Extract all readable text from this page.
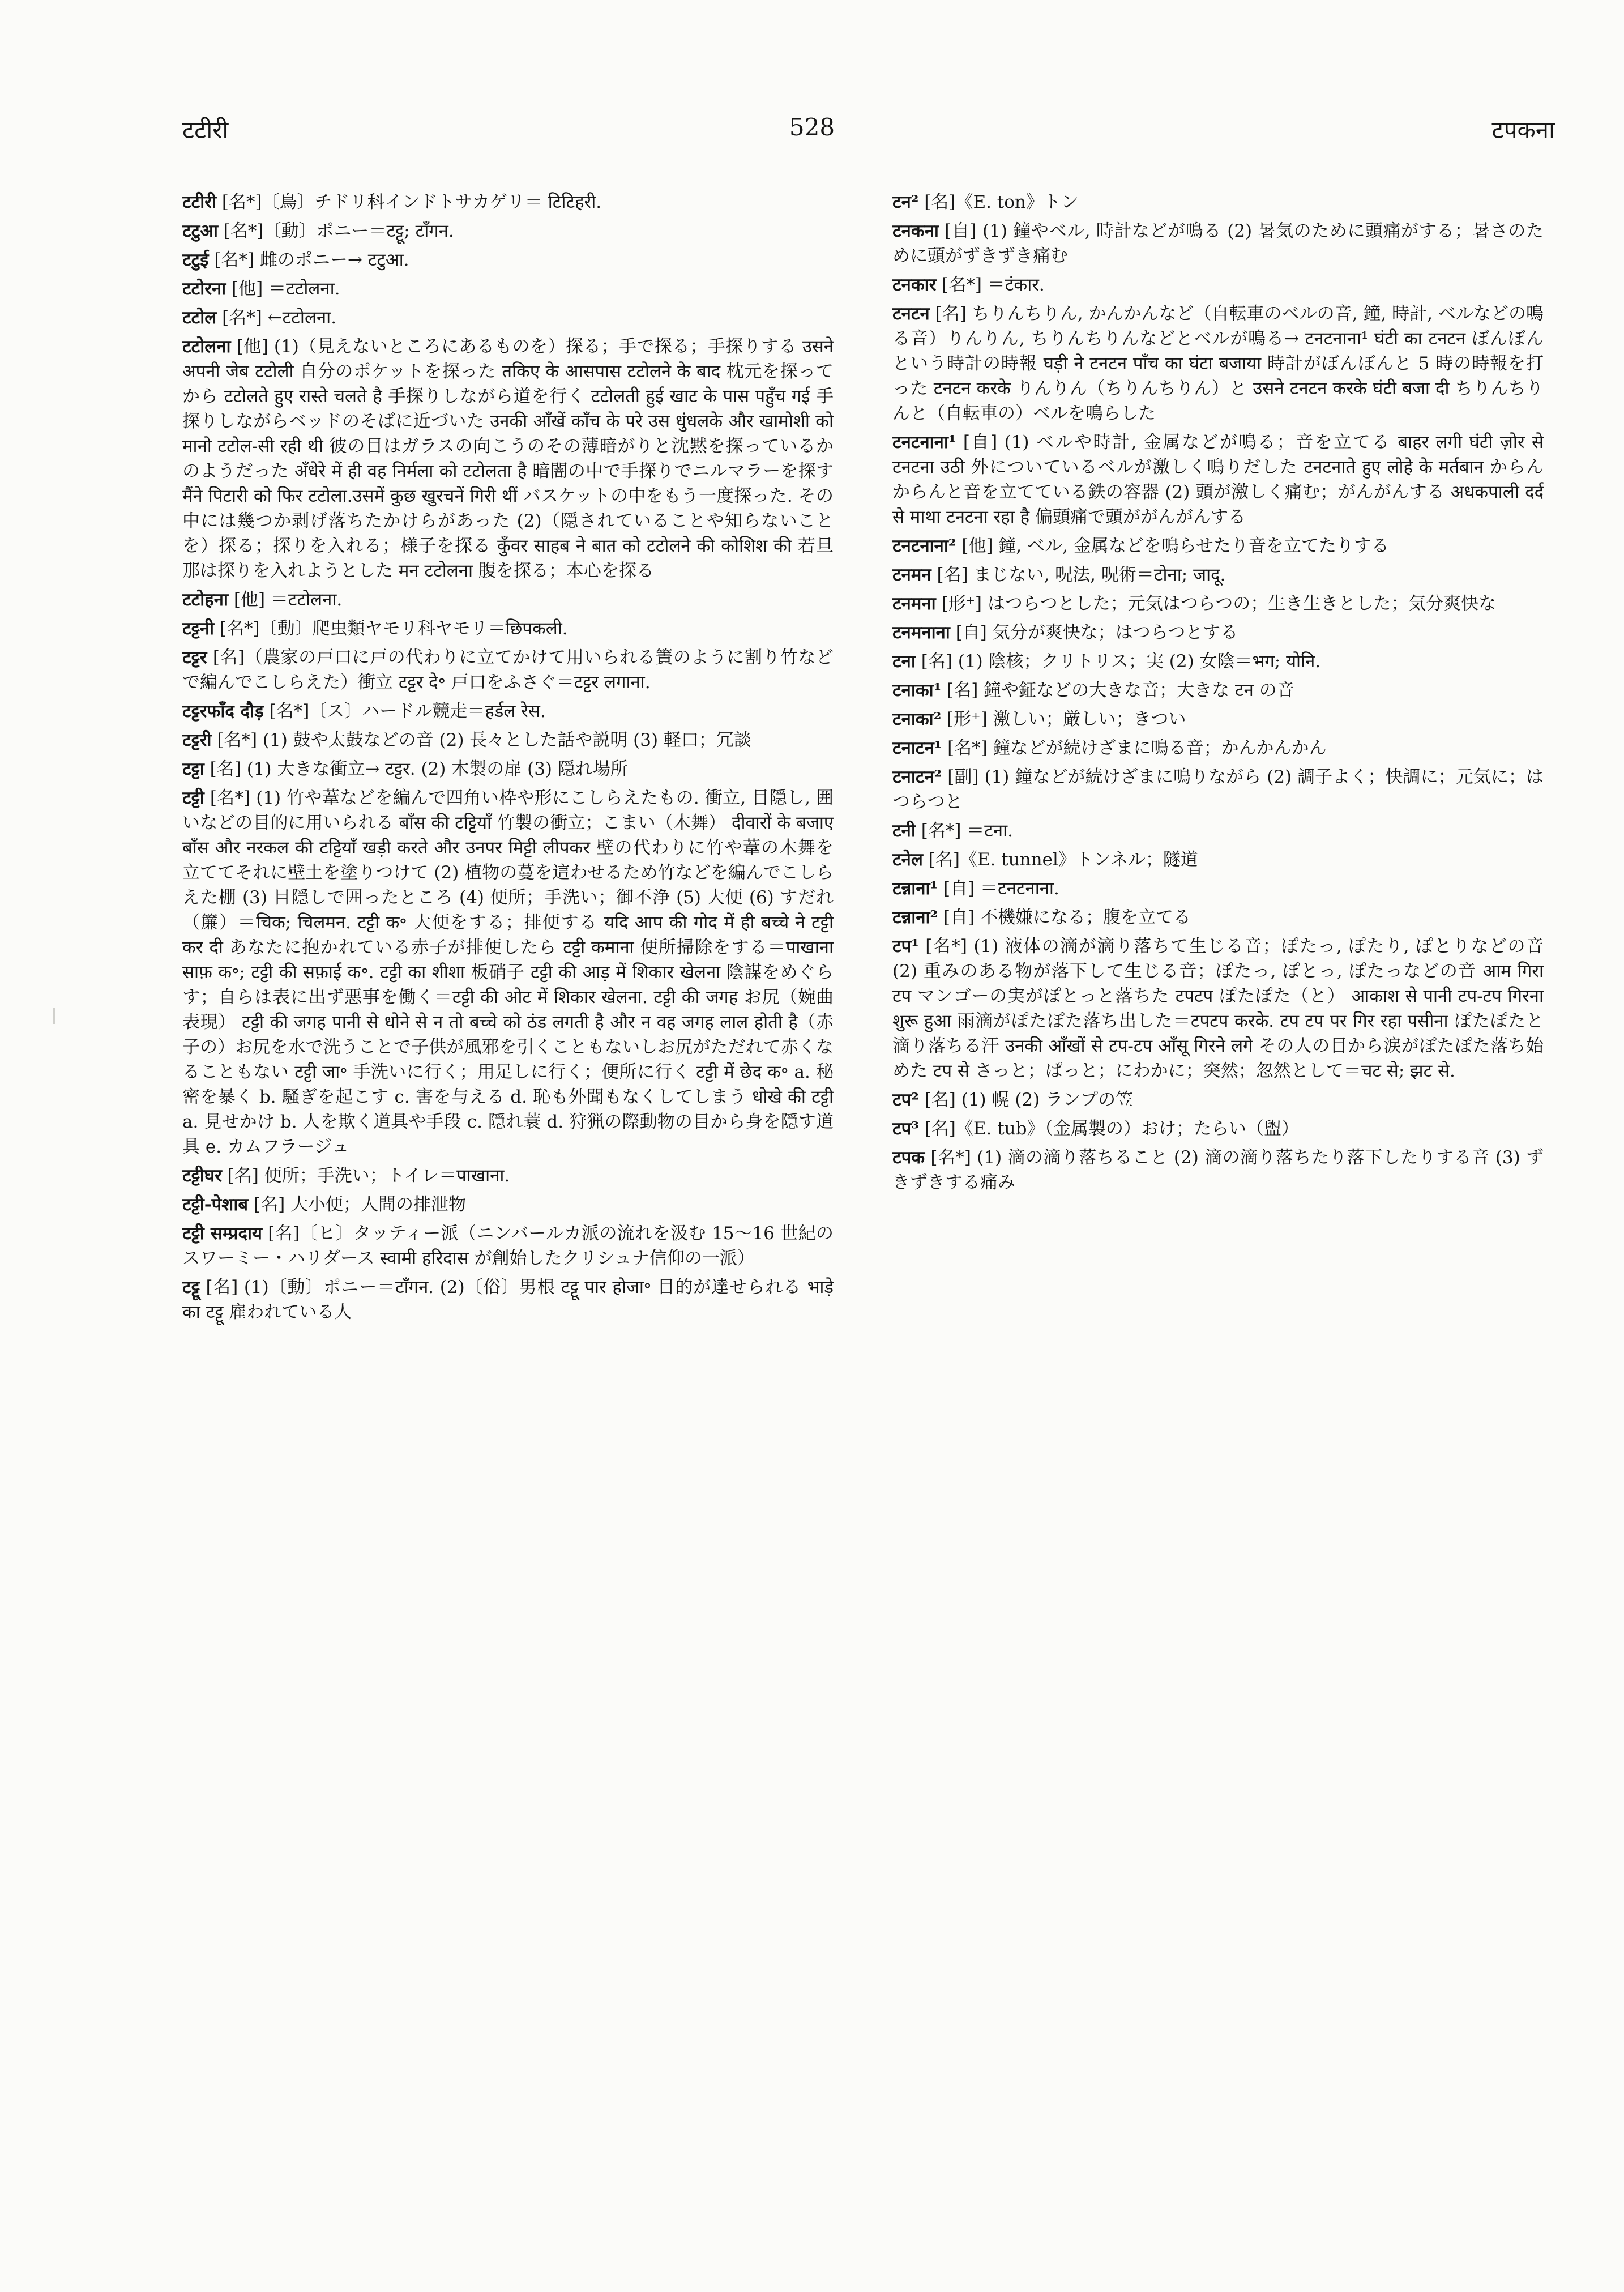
टटीरी	528	टपकना

टटीरी [名*]〔鳥〕チドリ科インドトサカゲリ＝ टिटिहरी.

टटुआ [名*]〔動〕ポニー＝टट्टू; टाँगन.

टटुई [名*] 雌のポニー→ टटुआ.

टटोरना [他] ＝टटोलना.

टटोल [名*] ←टटोलना.

टटोलना [他] (1)（見えないところにあるものを）探る；手で探る；手探りする उसने अपनी जेब टटोली 自分のポケットを探った तकिए के आसपास टटोलने के बाद 枕元を探ってから टटोलते हुए रास्ते चलते है 手探りしながら道を行く टटोलती हुई खाट के पास पहुँच गई 手探りしながらベッドのそばに近づいた उनकी आँखें काँच के परे उस धुंधलके और खामोशी को मानो टटोल-सी रही थी 彼の目はガラスの向こうのその薄暗がりと沈黙を探っているかのようだった अँधेरे में ही वह निर्मला को टटोलता है 暗闇の中で手探りでニルマラーを探す मैंने पिटारी को फिर टटोला.उसमें कुछ खुरचनें गिरी थीं バスケットの中をもう一度探った. その中には幾つか剥げ落ちたかけらがあった (2)（隠されていることや知らないことを）探る；探りを入れる；様子を探る कुँवर साहब ने बात को टटोलने की कोशिश की 若旦那は探りを入れようとした मन टटोलना 腹を探る；本心を探る

टटोहना [他] ＝टटोलना.

टट्टनी [名*]〔動〕爬虫類ヤモリ科ヤモリ＝छिपकली.

टट्टर [名]（農家の戸口に戸の代わりに立てかけて用いられる簀のように割り竹などで編んでこしらえた）衝立 टट्टर दे॰ 戸口をふさぐ＝टट्टर लगाना.

टट्टरफाँद दौड़ [名*]〔ス〕ハードル競走＝हर्डल रेस.

टट्टरी [名*] (1) 鼓や太鼓などの音 (2) 長々とした話や説明 (3) 軽口；冗談

टट्टा [名] (1) 大きな衝立→ टट्टर. (2) 木製の扉 (3) 隠れ場所

टट्टी [名*] (1) 竹や葦などを編んで四角い枠や形にこしらえたもの. 衝立, 目隠し, 囲いなどの目的に用いられる बाँस की टट्टियाँ 竹製の衝立；こまい（木舞） दीवारों के बजाए बाँस और नरकल की टट्टियाँ खड़ी करते और उनपर मिट्टी लीपकर 壁の代わりに竹や葦の木舞を立ててそれに壁土を塗りつけて (2) 植物の蔓を這わせるため竹などを編んでこしらえた棚 (3) 目隠しで囲ったところ (4) 便所；手洗い；御不浄 (5) 大便 (6) すだれ（簾）＝चिक; चिलमन. टट्टी क॰ 大便をする；排便する यदि आप की गोद में ही बच्चे ने टट्टी कर दी あなたに抱かれている赤子が排便したら टट्टी कमाना 便所掃除をする＝पाखाना साफ़ क॰; टट्टी की सफ़ाई क॰. टट्टी का शीशा 板硝子 टट्टी की आड़ में शिकार खेलना 陰謀をめぐらす；自らは表に出ず悪事を働く＝टट्टी की ओट में शिकार खेलना. टट्टी की जगह お尻（婉曲表現） टट्टी की जगह पानी से धोने से न तो बच्चे को ठंड लगती है और न वह जगह लाल होती है（赤子の）お尻を水で洗うことで子供が風邪を引くこともないしお尻がただれて赤くなることもない टट्टी जा॰ 手洗いに行く；用足しに行く；便所に行く टट्टी में छेद क॰ a. 秘密を暴く b. 騒ぎを起こす c. 害を与える d. 恥も外聞もなくしてしまう धोखे की टट्टी a. 見せかけ b. 人を欺く道具や手段 c. 隠れ蓑 d. 狩猟の際動物の目から身を隠す道具 e. カムフラージュ

टट्टीघर [名] 便所；手洗い；トイレ＝पाखाना.

टट्टी-पेशाब [名] 大小便；人間の排泄物

टट्टी सम्प्रदाय [名]〔ヒ〕タッティー派（ニンバールカ派の流れを汲む 15〜16 世紀のスワーミー・ハリダース स्वामी हरिदास が創始したクリシュナ信仰の一派）

टट्टू [名] (1)〔動〕ポニー＝टाँगन. (2)〔俗〕男根 टट्टू पार होजा॰ 目的が達せられる भाड़े का टट्टू 雇われている人

टन² [名]《E. ton》トン

टनकना [自] (1) 鐘やベル, 時計などが鳴る (2) 暑気のために頭痛がする；暑さのために頭がずきずき痛む

टनकार [名*] ＝टंकार.

टनटन [名] ちりんちりん, かんかんなど（自転車のベルの音, 鐘, 時計, ベルなどの鳴る音）りんりん, ちりんちりんなどとベルが鳴る→ टनटनाना¹ घंटी का टनटन ぼんぼんという時計の時報 घड़ी ने टनटन पाँच का घंटा बजाया 時計がぼんぼんと 5 時の時報を打った टनटन करके りんりん（ちりんちりん）と उसने टनटन करके घंटी बजा दी ちりんちりんと（自転車の）ベルを鳴らした

टनटनाना¹ [自] (1) ベルや時計, 金属などが鳴る；音を立てる बाहर लगी घंटी ज़ोर से टनटना उठी 外についているベルが激しく鳴りだした टनटनाते हुए लोहे के मर्तबान からんからんと音を立てている鉄の容器 (2) 頭が激しく痛む；がんがんする अधकपाली दर्द से माथा टनटना रहा है 偏頭痛で頭ががんがんする

टनटनाना² [他] 鐘, ベル, 金属などを鳴らせたり音を立てたりする

टनमन [名] まじない, 呪法, 呪術＝टोना; जादू.

टनमना [形⁺] はつらつとした；元気はつらつの；生き生きとした；気分爽快な

टनमनाना [自] 気分が爽快な；はつらつとする

टना [名] (1) 陰核；クリトリス；実 (2) 女陰＝भग; योनि.

टनाका¹ [名] 鐘や鉦などの大きな音；大きな टन の音

टनाका² [形⁺] 激しい；厳しい；きつい

टनाटन¹ [名*] 鐘などが続けざまに鳴る音；かんかんかん

टनाटन² [副] (1) 鐘などが続けざまに鳴りながら (2) 調子よく；快調に；元気に；はつらつと

टनी [名*] ＝टना.

टनेल [名]《E. tunnel》トンネル；隧道

टन्नाना¹ [自] ＝टनटनाना.

टन्नाना² [自] 不機嫌になる；腹を立てる

टप¹ [名*] (1) 液体の滴が滴り落ちて生じる音；ぽたっ, ぽたり, ぽとりなどの音 (2) 重みのある物が落下して生じる音；ぽたっ, ぽとっ, ぽたっなどの音 आम गिरा टप マンゴーの実がぽとっと落ちた टपटप ぽたぽた（と） आकाश से पानी टप-टप गिरना शुरू हुआ 雨滴がぽたぽた落ち出した＝टपटप करके. टप टप पर गिर रहा पसीना ぽたぽたと滴り落ちる汗 उनकी आँखों से टप-टप आँसू गिरने लगे その人の目から涙がぽたぽた落ち始めた टप से さっと；ぱっと；にわかに；突然；忽然として＝चट से; झट से.

टप² [名] (1) 幌 (2) ランプの笠

टप³ [名]《E. tub》（金属製の）おけ；たらい（盥）

टपक [名*] (1) 滴の滴り落ちること (2) 滴の滴り落ちたり落下したりする音 (3) ずきずきする痛み
